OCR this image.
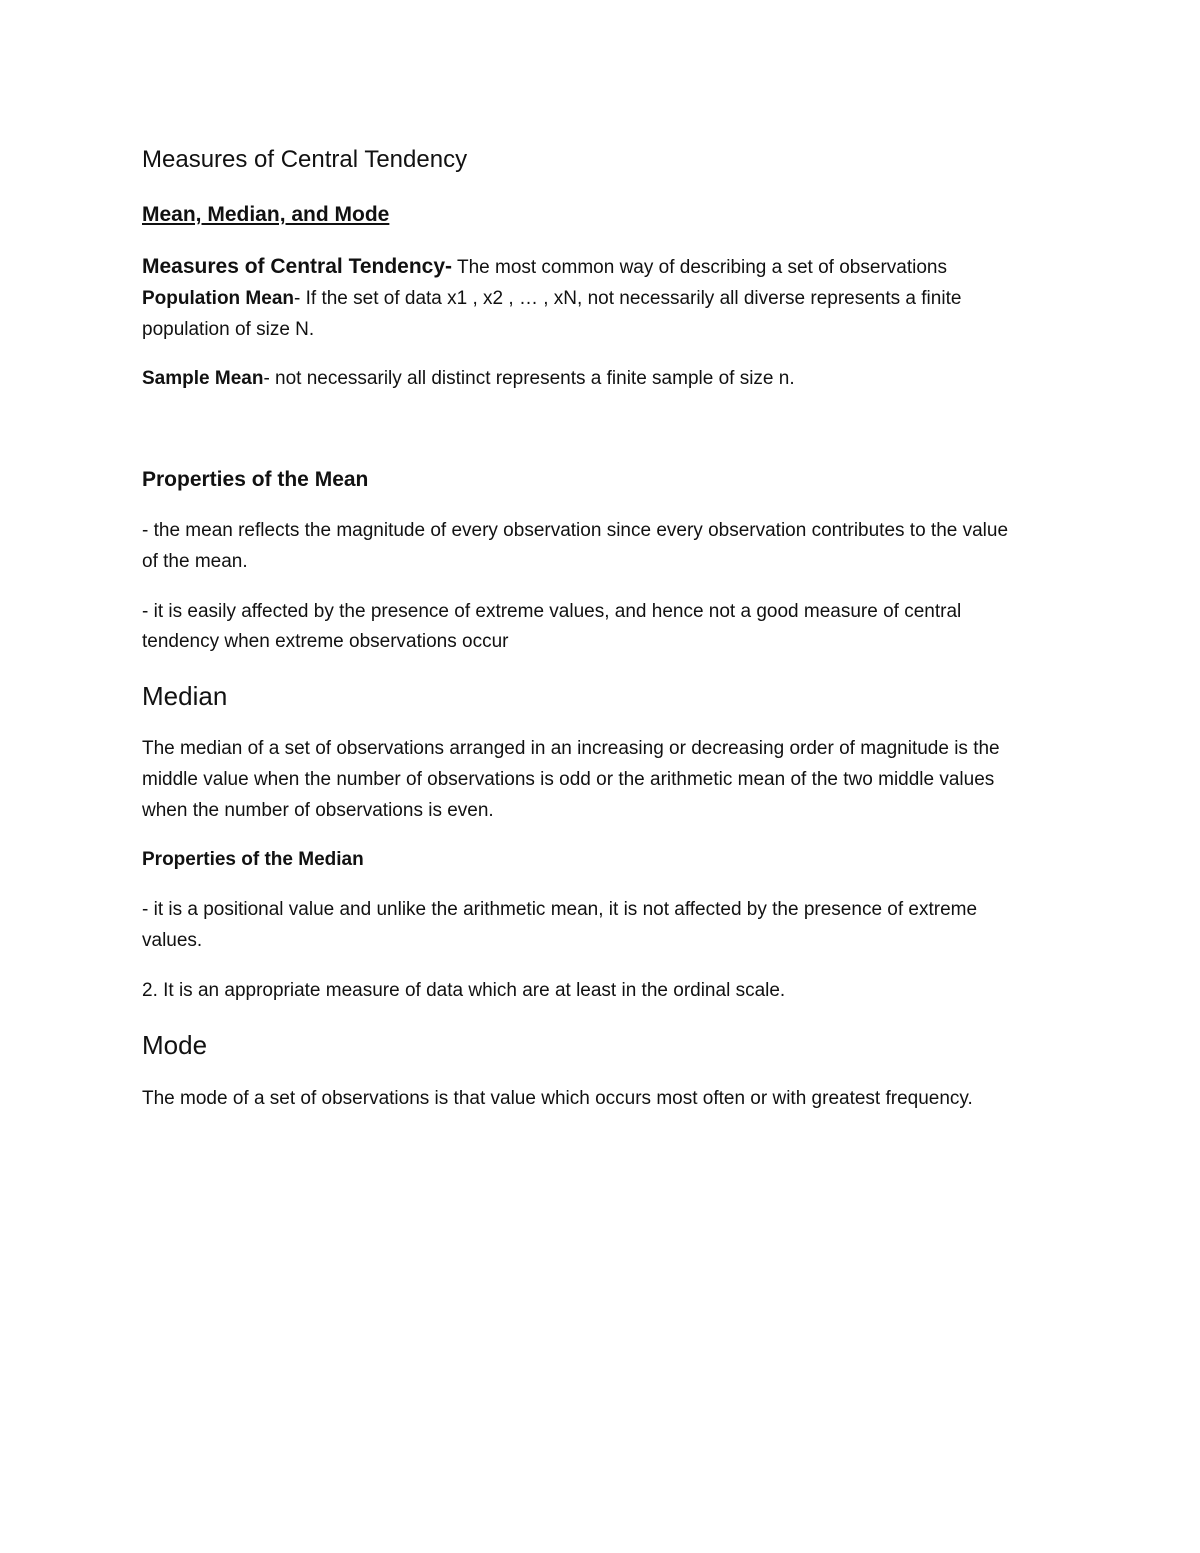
Measures of Central Tendency
Mean, Median, and Mode
Measures of Central Tendency- The most common way of describing a set of observations
Population Mean- If the set of data x1 , x2 , … , xN, not necessarily all diverse represents a finite
population of size N.
Sample Mean- not necessarily all distinct represents a finite sample of size n.
Properties of the Mean
- the mean reflects the magnitude of every observation since every observation contributes to the value
of the mean.
- it is easily affected by the presence of extreme values, and hence not a good measure of central
tendency when extreme observations occur
Median
The median of a set of observations arranged in an increasing or decreasing order of magnitude is the
middle value when the number of observations is odd or the arithmetic mean of the two middle values
when the number of observations is even.
Properties of the Median
- it is a positional value and unlike the arithmetic mean, it is not affected by the presence of extreme
values.
2. It is an appropriate measure of data which are at least in the ordinal scale.
Mode
The mode of a set of observations is that value which occurs most often or with greatest frequency.
